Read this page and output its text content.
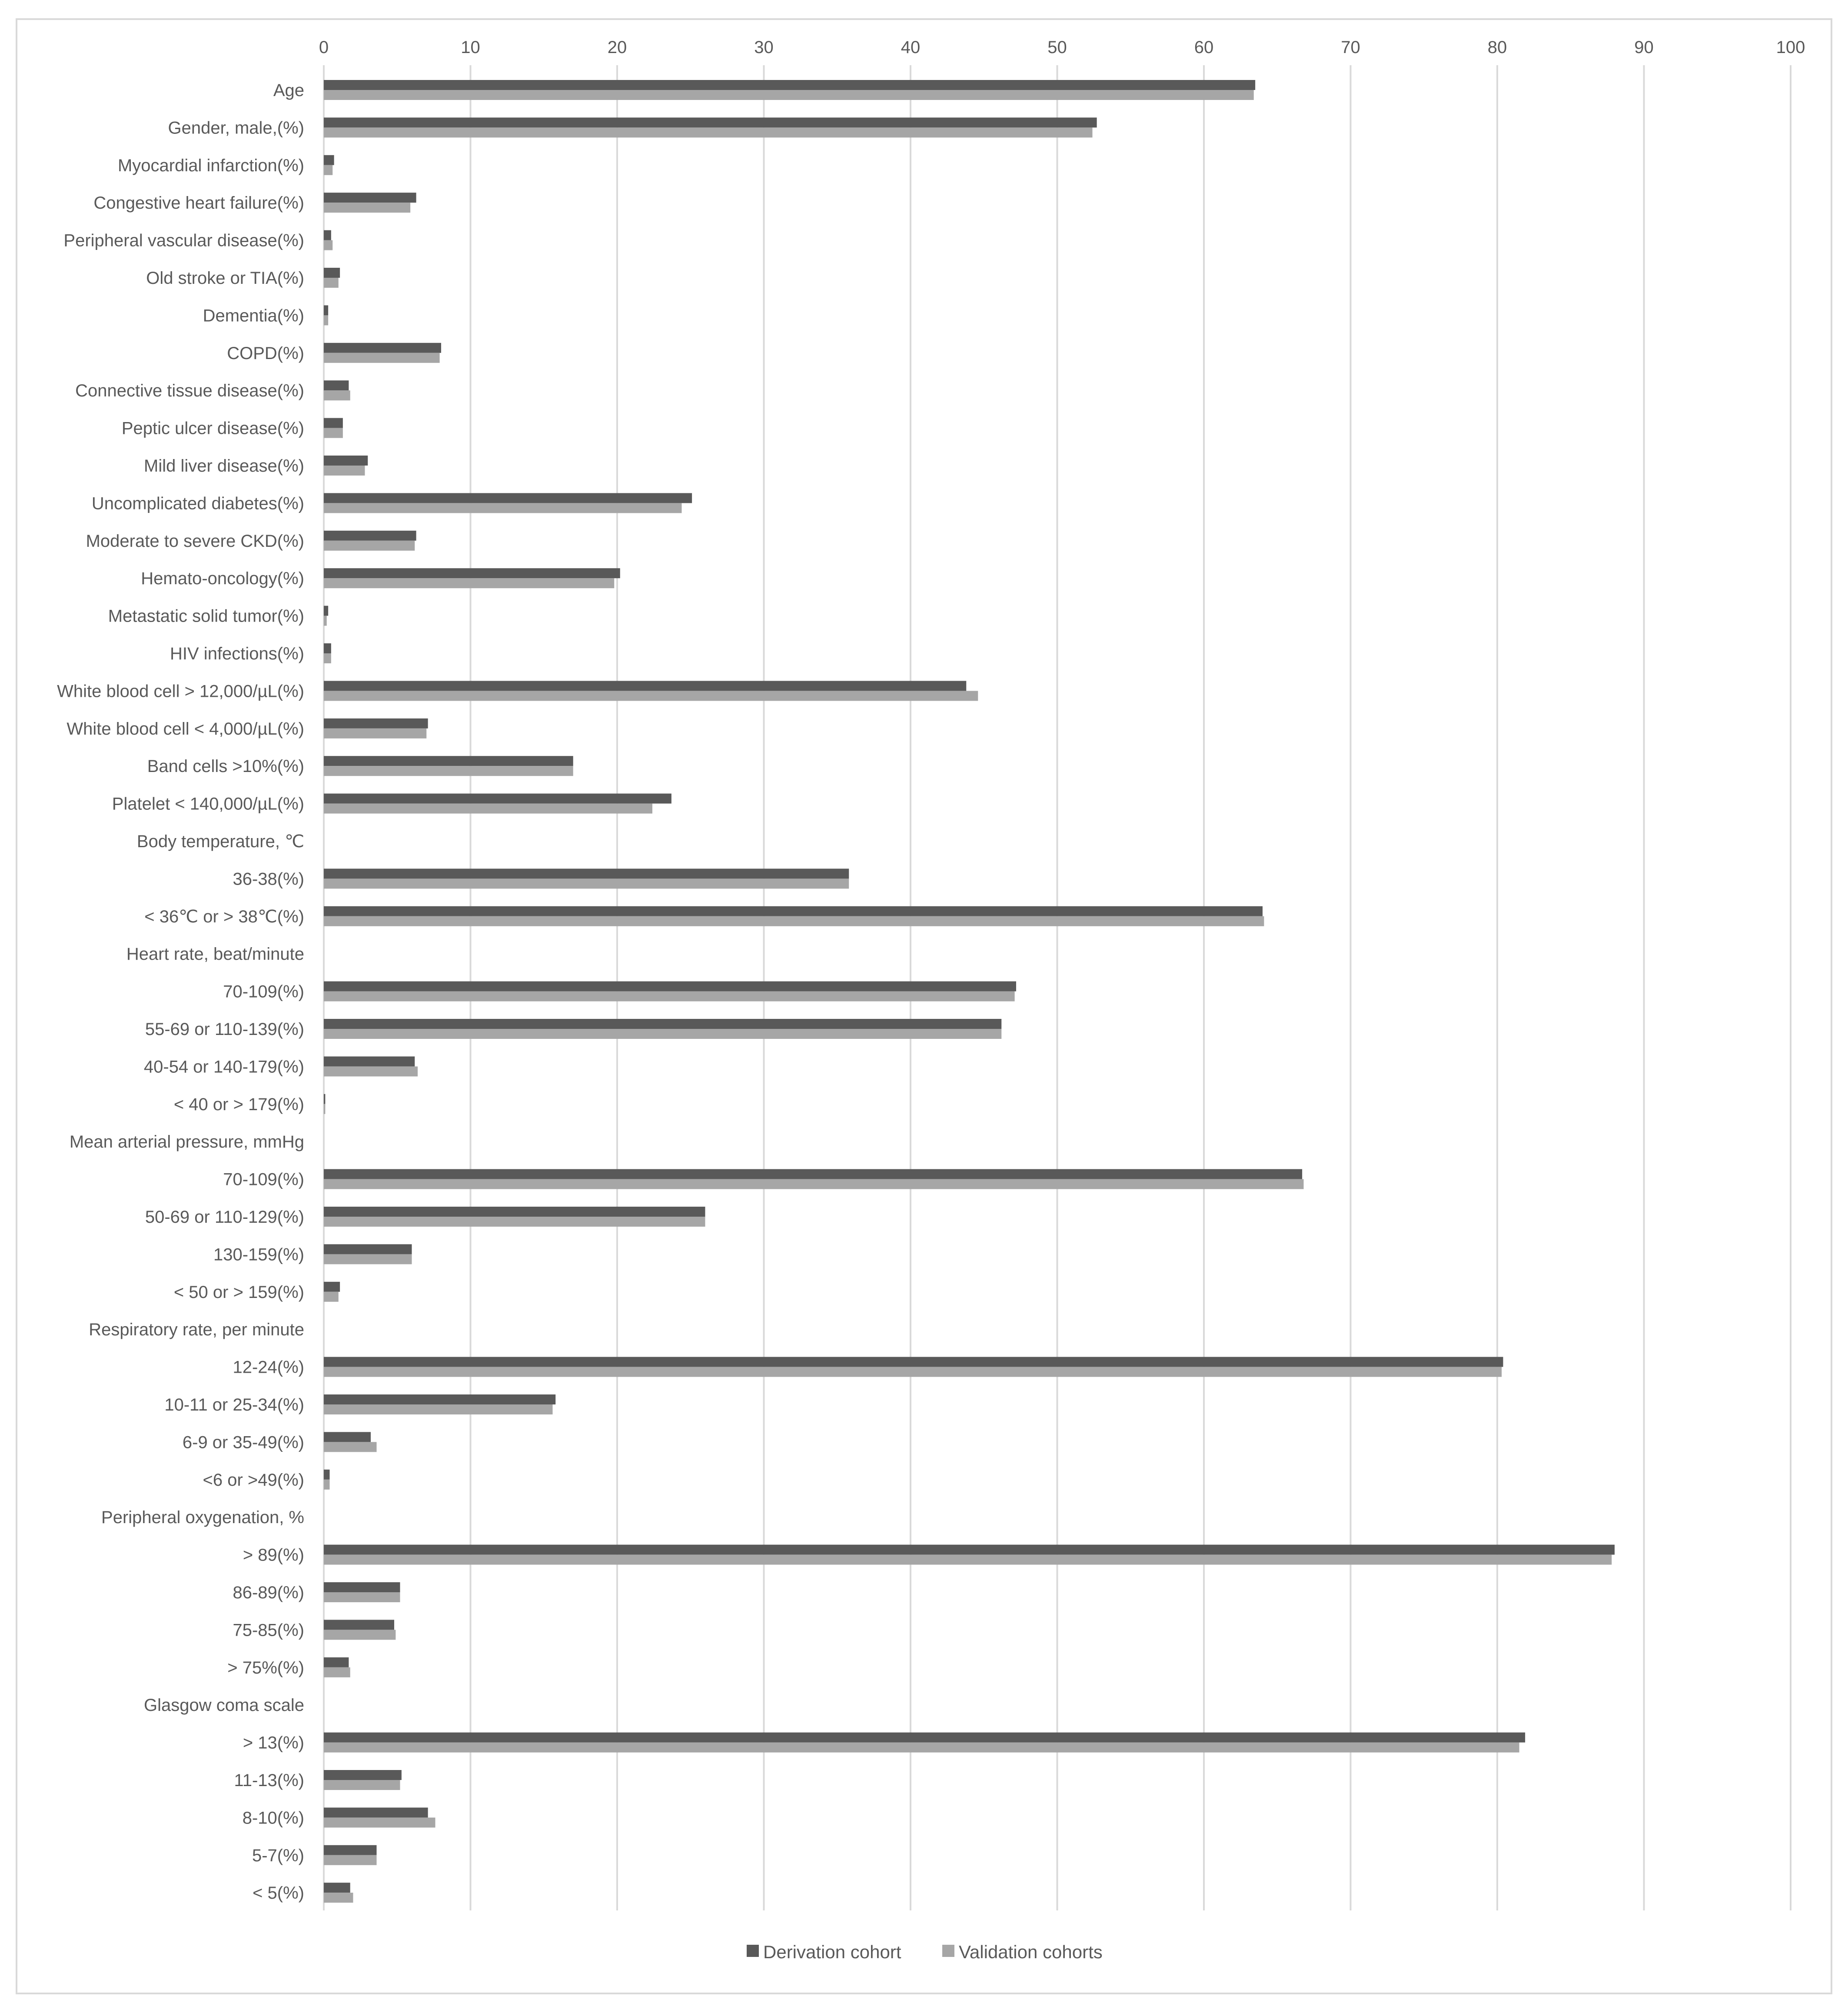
0	10	20	30	40	50	60	70	80	90	100
Age
Gender, male,(%)
Myocardial infarction(%)
Congestive heart failure(%)
Peripheral vascular disease(%)
Old stroke or TIA(%)
Dementia(%)
COPD(%)
Connective tissue disease(%)
Peptic ulcer disease(%)
Mild liver disease(%)
Uncomplicated diabetes(%)
Moderate to severe CKD(%)
Hemato-oncology(%)
Metastatic solid tumor(%)
HIV infections(%)
White blood cell > 12,000/µL(%)
White blood cell < 4,000/µL(%)
Band cells >10%(%)
Platelet < 140,000/µL(%)
Body temperature, ℃
36-38(%)
< 36℃ or > 38℃(%)
Heart rate, beat/minute
70-109(%)
55-69 or 110-139(%)
40-54 or 140-179(%)
< 40 or > 179(%)
Mean arterial pressure, mmHg
70-109(%)
50-69 or 110-129(%)
130-159(%)
< 50 or > 159(%)
Respiratory rate, per minute
12-24(%)
10-11 or 25-34(%)
6-9 or 35-49(%)
<6 or >49(%)
Peripheral oxygenation, %
> 89(%)
86-89(%)
75-85(%)
> 75%(%)
Glasgow coma scale
> 13(%)
11-13(%)
8-10(%)
5-7(%)
< 5(%)
Derivation cohort	Validation cohorts
